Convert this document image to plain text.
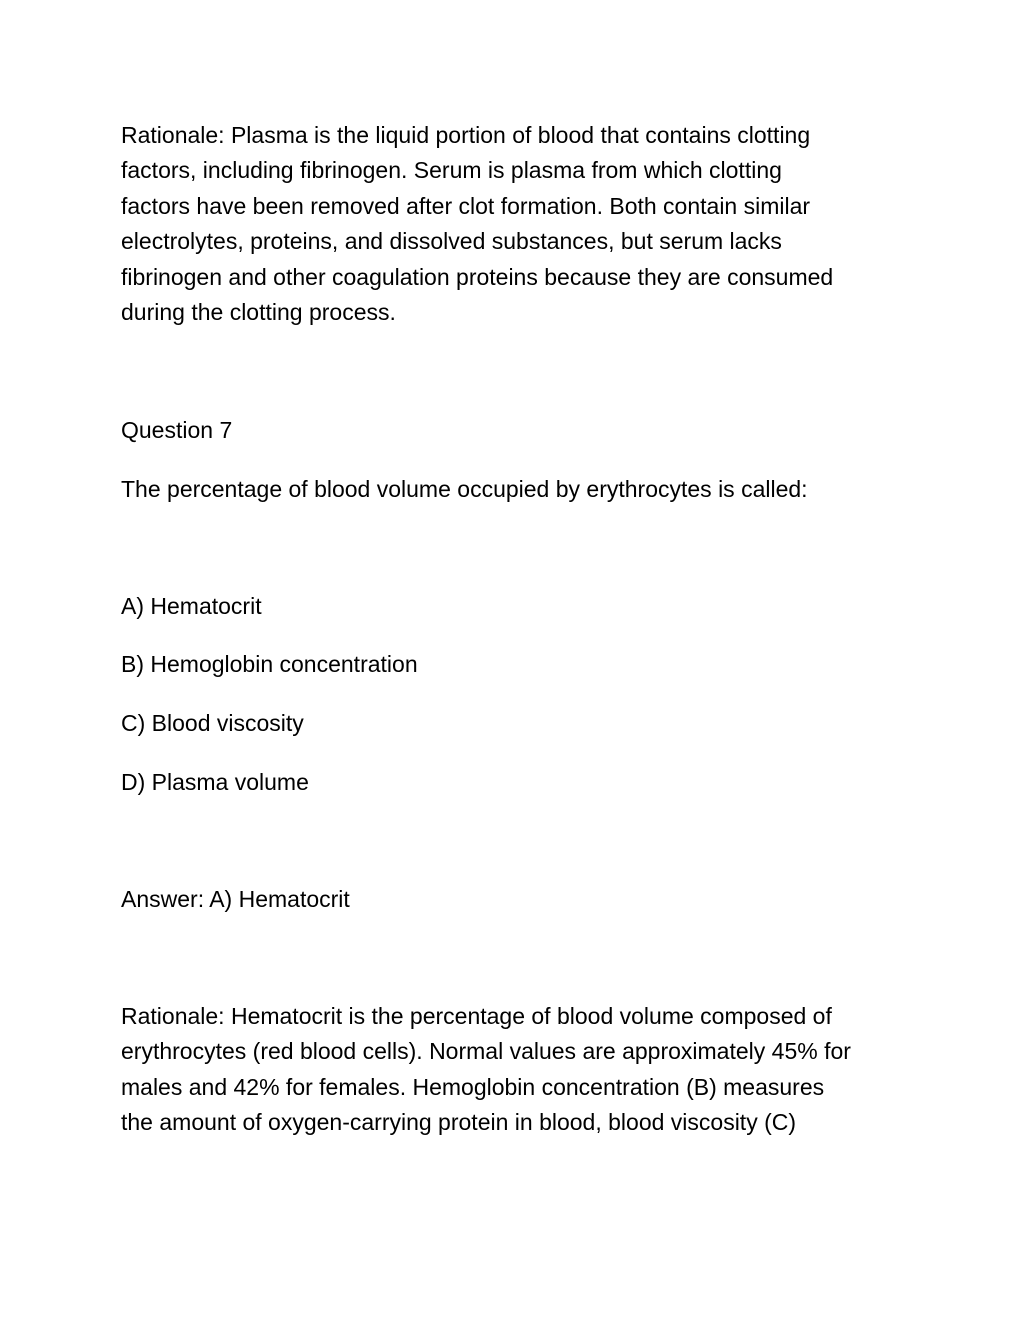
Rationale: Plasma is the liquid portion of blood that contains clotting
factors, including fibrinogen. Serum is plasma from which clotting
factors have been removed after clot formation. Both contain similar
electrolytes, proteins, and dissolved substances, but serum lacks
fibrinogen and other coagulation proteins because they are consumed
during the clotting process.

Question 7

The percentage of blood volume occupied by erythrocytes is called:

A) Hematocrit

B) Hemoglobin concentration

C) Blood viscosity

D) Plasma volume

Answer: A) Hematocrit

Rationale: Hematocrit is the percentage of blood volume composed of
erythrocytes (red blood cells). Normal values are approximately 45% for
males and 42% for females. Hemoglobin concentration (B) measures
the amount of oxygen-carrying protein in blood, blood viscosity (C)
